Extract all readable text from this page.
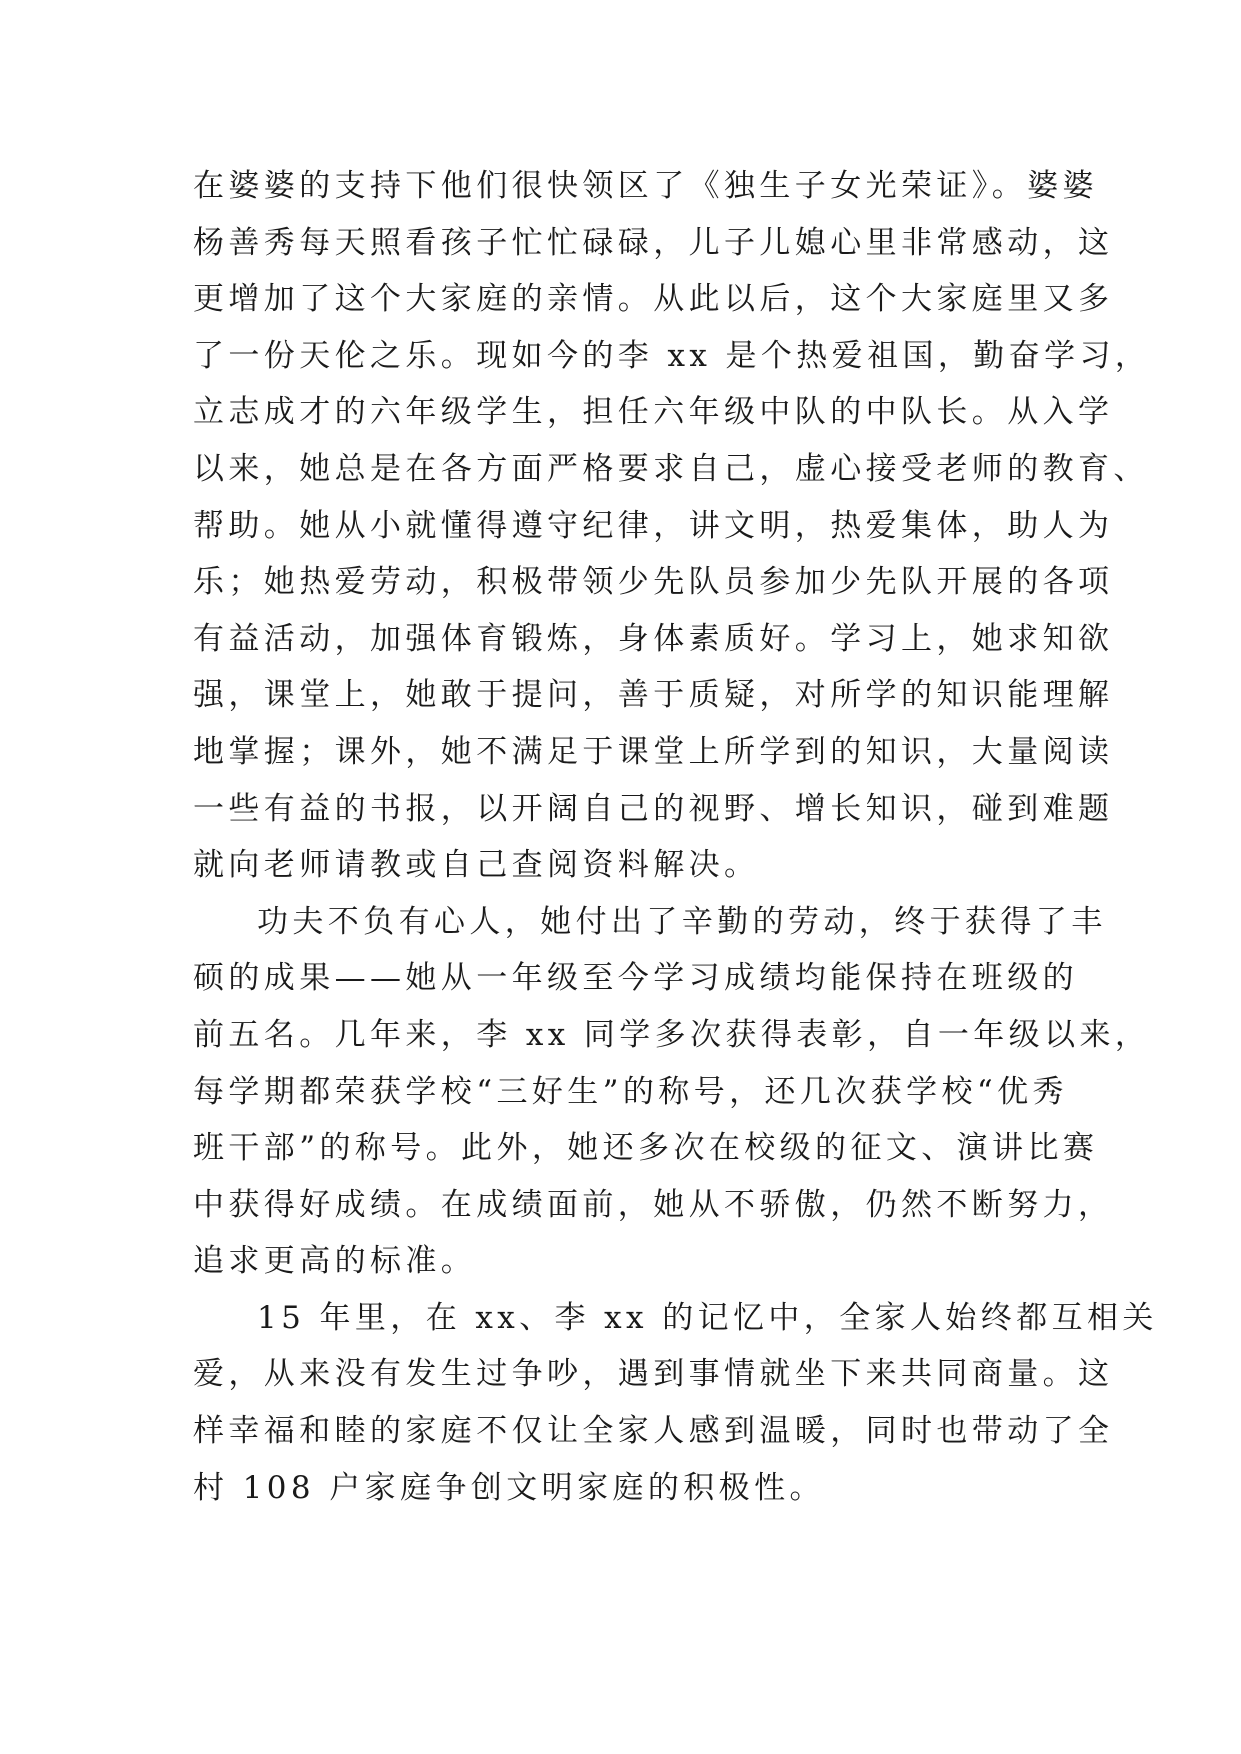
在婆婆的支持下他们很快领区了《独生子女光荣证》。婆婆
杨善秀每天照看孩子忙忙碌碌，儿子儿媳心里非常感动，这
更增加了这个大家庭的亲情。从此以后，这个大家庭里又多
了一份天伦之乐。现如今的李 xx 是个热爱祖国，勤奋学习，
立志成才的六年级学生，担任六年级中队的中队长。从入学
以来，她总是在各方面严格要求自己，虚心接受老师的教育、
帮助。她从小就懂得遵守纪律，讲文明，热爱集体，助人为
乐；她热爱劳动，积极带领少先队员参加少先队开展的各项
有益活动，加强体育锻炼，身体素质好。学习上，她求知欲
强，课堂上，她敢于提问，善于质疑，对所学的知识能理解
地掌握；课外，她不满足于课堂上所学到的知识，大量阅读
一些有益的书报，以开阔自己的视野、增长知识，碰到难题
就向老师请教或自己查阅资料解决。
功夫不负有心人，她付出了辛勤的劳动，终于获得了丰
硕的成果——她从一年级至今学习成绩均能保持在班级的
前五名。几年来，李 xx 同学多次获得表彰，自一年级以来，
每学期都荣获学校“三好生”的称号，还几次获学校“优秀
班干部”的称号。此外，她还多次在校级的征文、演讲比赛
中获得好成绩。在成绩面前，她从不骄傲，仍然不断努力，
追求更高的标准。
15 年里，在 xx、李 xx 的记忆中，全家人始终都互相关
爱，从来没有发生过争吵，遇到事情就坐下来共同商量。这
样幸福和睦的家庭不仅让全家人感到温暖，同时也带动了全
村 108 户家庭争创文明家庭的积极性。
